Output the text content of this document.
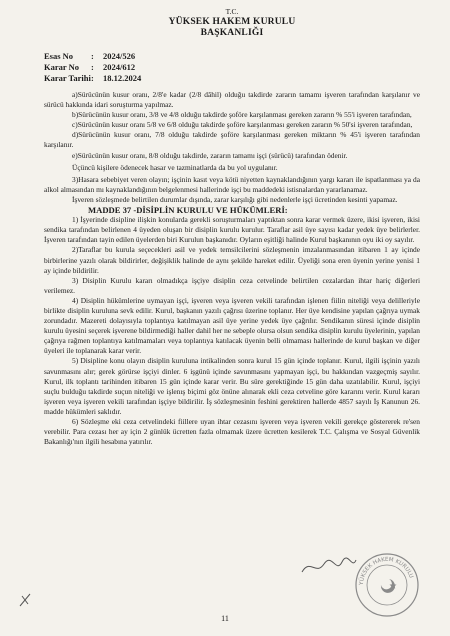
T.C.
YÜKSEK HAKEM KURULU
BAŞKANLIĞI
Esas No	:	2024/526
Karar No	:	2024/612
Karar Tarihi :	18.12.2024

a)Sürücünün kusur oranı, 2/8'e kadar (2/8 dâhil) olduğu takdirde zararın tamamı işveren tarafından karşılanır ve sürücü hakkında idari soruşturma yapılmaz.

b)Sürücünün kusur oranı, 3/8 ve 4/8 olduğu takdirde şoföre karşılanması gereken zararın % 55'i işveren tarafından,

c)Sürücünün kusur oranı 5/8 ve 6/8 olduğu takdirde şoföre karşılanması gereken zararın % 50'si işveren tarafından,

d)Sürücünün kusur oranı, 7/8 olduğu takdirde şoföre karşılanması gereken miktarın % 45'i işveren tarafından karşılanır.

e)Sürücünün kusur oranı, 8/8 olduğu takdirde, zararın tamamı işçi (sürücü) tarafından ödenir.

Üçüncü kişilere ödenecek hasar ve tazminatlarda da bu yol uygulanır.

3)Hasara sebebiyet veren olayın; işçinin kasıt veya kötü niyetten kaynaklandığının yargı kararı ile ispatlanması ya da alkol almasından mı kaynaklandığının belgelenmesi hallerinde işçi bu maddedeki istisnalardan yararlanamaz.

İşveren sözleşmede belirtilen durumlar dışında, zarar karşılığı gibi nedenlerle işçi ücretinden kesinti yapamaz.

MADDE 37 -DİSİPLİN KURULU VE HÜKÜMLERİ:

1) İşyerinde disipline ilişkin konularda gerekli soruşturmaları yaptıktan sonra karar vermek üzere, ikisi işveren, ikisi sendika tarafından belirlenen 4 üyeden oluşan bir disiplin kurulu kurulur. Taraflar asil üye sayısı kadar yedek üye belirlerler. İşveren tarafından tayin edilen üyelerden biri Kurulun başkanıdır. Oyların eşitliği halinde Kurul başkanının oyu iki oy sayılır.

2)Taraflar bu kurula seçecekleri asil ve yedek temsilcilerini sözleşmenin imzalanmasından itibaren 1 ay içinde birbirlerine yazılı olarak bildirirler, değişiklik halinde de aynı şekilde hareket edilir. Üyeliği sona eren üyenin yerine yenisi 1 ay içinde bildirilir.

3) Disiplin Kurulu kararı olmadıkça işçiye disiplin ceza cetvelinde belirtilen cezalardan ihtar hariç diğerleri verilemez.

4) Disiplin hükümlerine uymayan işçi, işveren veya işveren vekili tarafından işlenen fiilin niteliği veya delilleriyle birlikte disiplin kuruluna sevk edilir. Kurul, başkanın yazılı çağrısı üzerine toplanır. Her üye kendisine yapılan çağrıya uymak zorundadır. Mazereti dolayısıyla toplantıya katılmayan asil üye yerine yedek üye çağrılır. Sendikanın süresi içinde disiplin kurulu üyesini seçerek işverene bildirmediği haller dahil her ne sebeple olursa olsun sendika disiplin kurulu üyelerinin, yapılan çağrıya rağmen toplantıya katılmamaları veya toplantıya katılacak üyenin belli olmaması hallerinde de kurul başkan ve diğer üyeleri ile toplanarak karar verir.

5) Disipline konu olayın disiplin kuruluna intikalinden sonra kurul 15 gün içinde toplanır. Kurul, ilgili işçinin yazılı savunmasını alır; gerek görürse işçiyi dinler. 6 işgünü içinde savunmasını yapmayan işçi, bu hakkından vazgeçmiş sayılır. Kurul, ilk toplantı tarihinden itibaren 15 gün içinde karar verir. Bu süre gerektiğinde 15 gün daha uzatılabilir. Kurul, işçiyi suçlu bulduğu takdirde suçun niteliği ve işlenış biçimi göz önüne alınarak ekli ceza cetveline göre kararını verir. Kurul kararı işveren veya işveren vekili tarafından işçiye bildirilir. İş sözleşmesinin feshini gerektiren hallerde 4857 sayılı İş Kanunun 26. madde hükümleri saklıdır.

6) Sözleşme eki ceza cetvelindeki fiillere uyan ihtar cezasını işveren veya işveren vekili gerekçe göstererek re'sen verebilir. Para cezası her ay için 2 günlük ücretten fazla olmamak üzere ücretten kesilerek T.C. Çalışma ve Sosyal Güvenlik Bakanlığı'nın ilgili hesabına yatırılır.

YÜKSEK HAKEM KURULU
11
